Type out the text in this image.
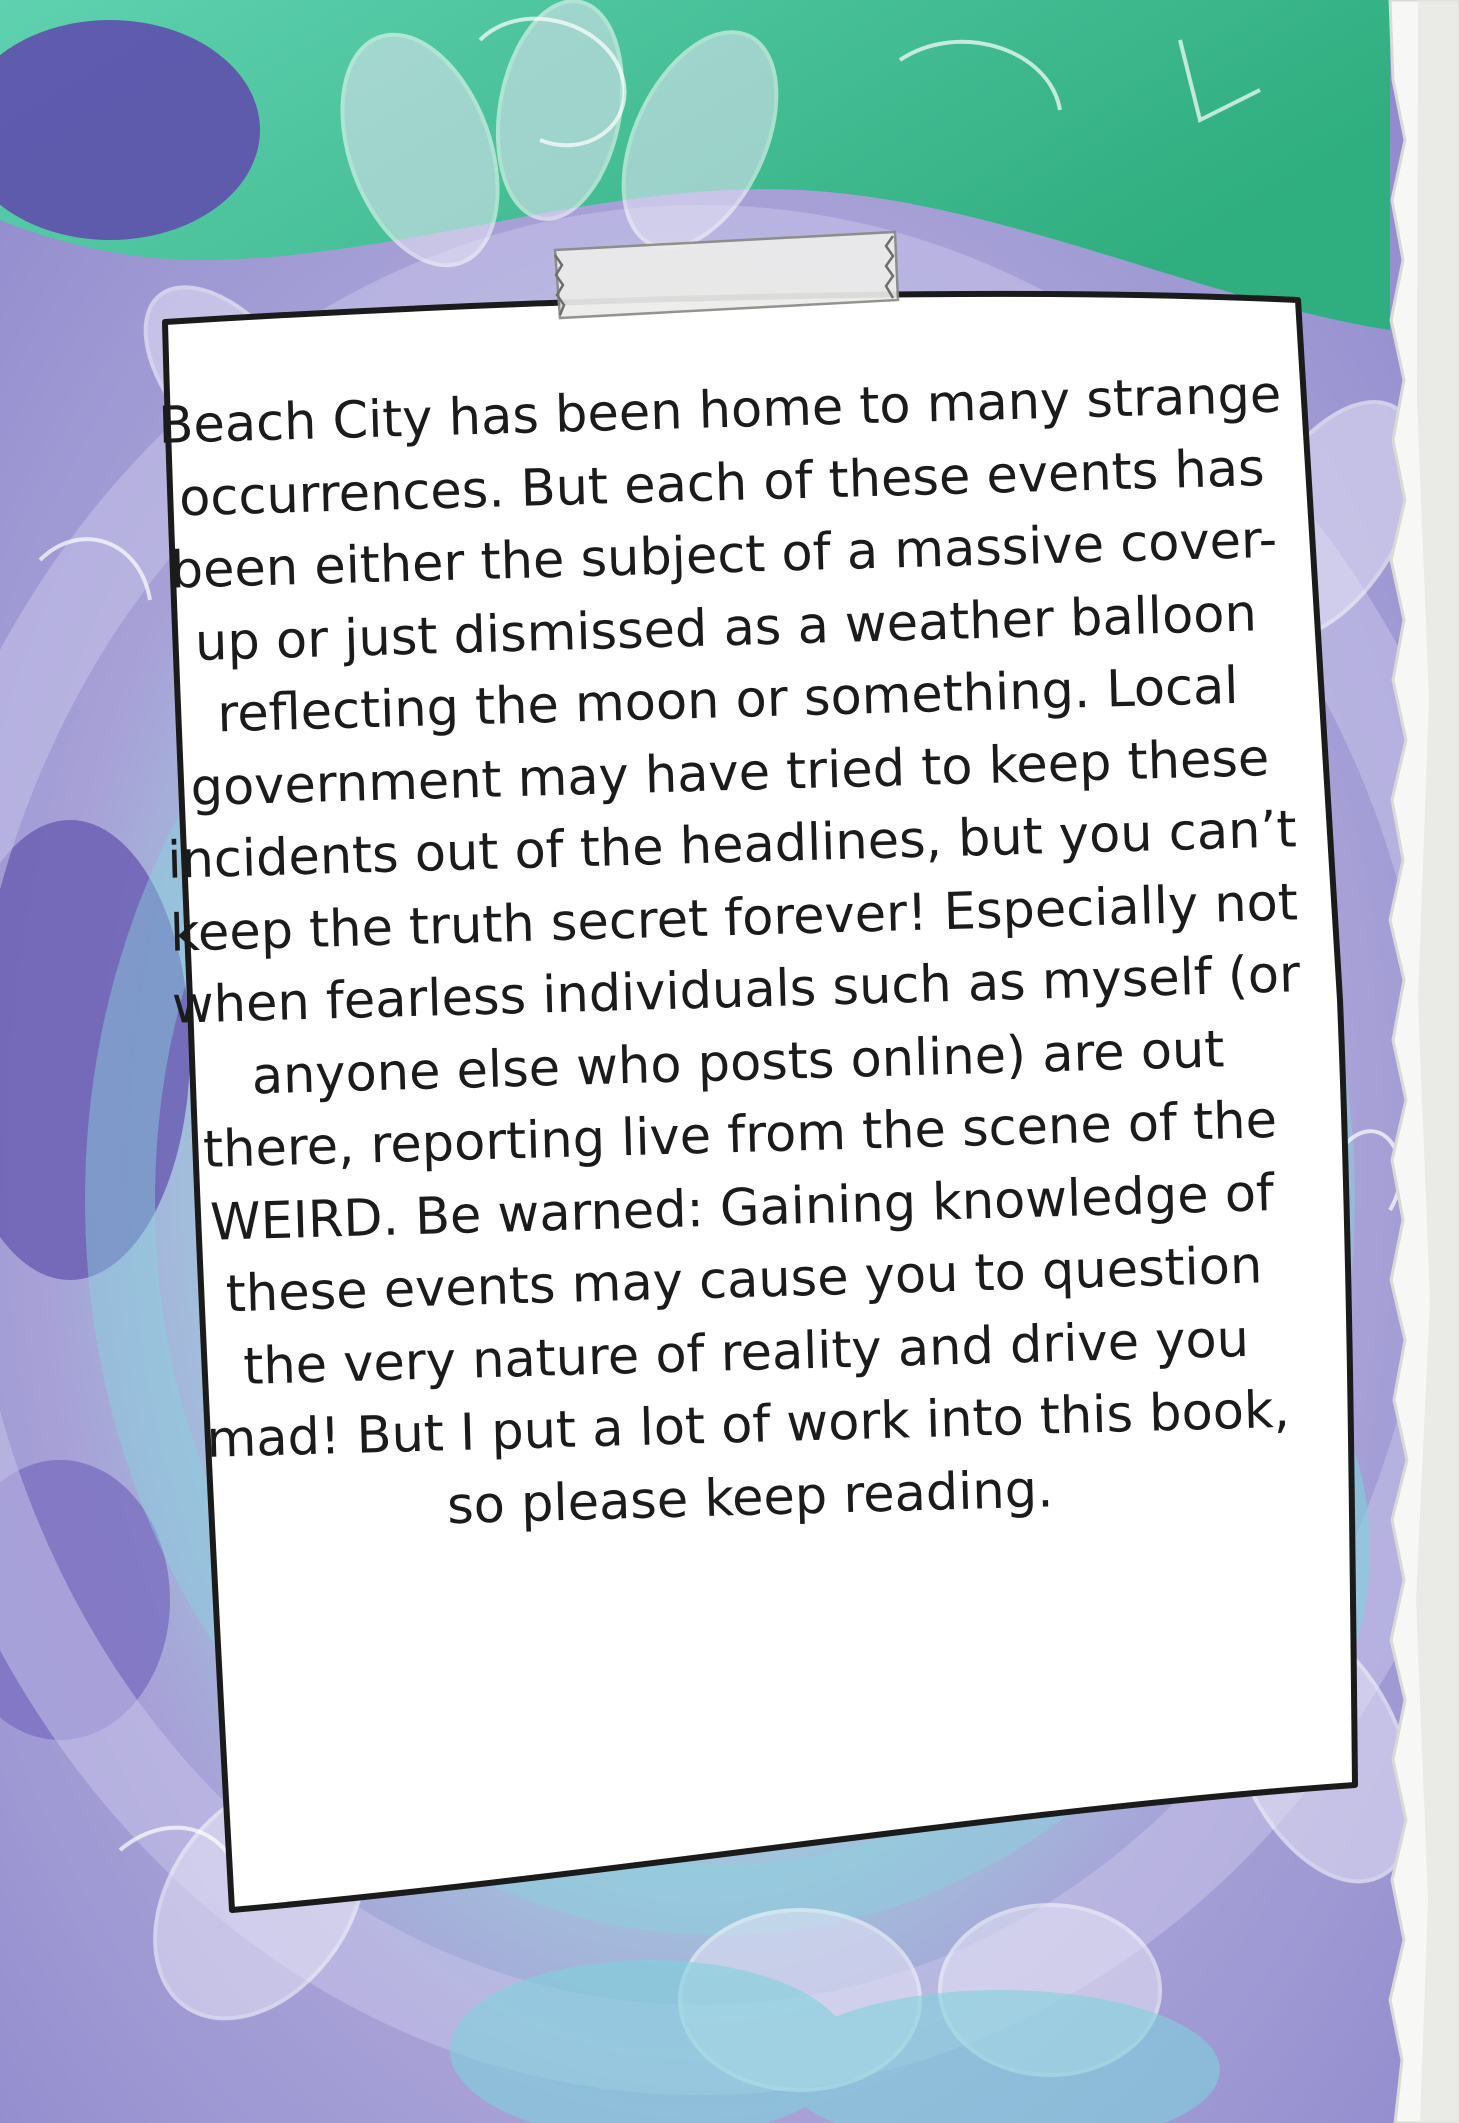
Beach City has been home to many strange occurrences. But each of these events has been either the subject of a massive cover-up or just dismissed as a weather balloon reflecting the moon or something. Local government may have tried to keep these incidents out of the headlines, but you can’t keep the truth secret forever! Especially not when fearless individuals such as myself (or anyone else who posts online) are out there, reporting live from the scene of the WEIRD. Be warned: Gaining knowledge of these events may cause you to question the very nature of reality and drive you mad! But I put a lot of work into this book, so please keep reading.
